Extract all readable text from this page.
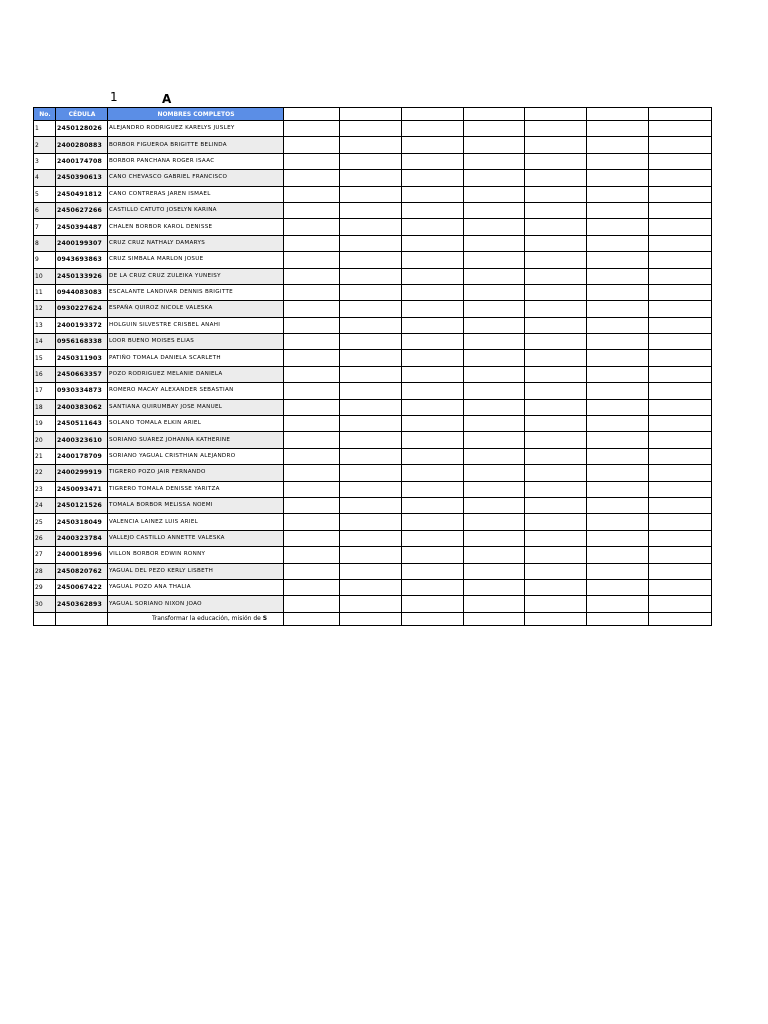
1	A
No.	CÉDULA	NOMBRES COMPLETOS							
1	2450128026	ALEJANDRO RODRIGUEZ KARELYS JUSLEY							
2	2400280883	BORBOR FIGUEROA BRIGITTE BELINDA							
3	2400174708	BORBOR PANCHANA ROGER ISAAC							
4	2450390613	CANO CHEVASCO GABRIEL FRANCISCO							
5	2450491812	CANO CONTRERAS JAREN ISMAEL							
6	2450627266	CASTILLO CATUTO JOSELYN KARINA							
7	2450394487	CHALEN BORBOR KAROL DENISSE							
8	2400199307	CRUZ CRUZ NATHALY DAMARYS							
9	0943693863	CRUZ SIMBALA MARLON JOSUE							
10	2450133926	DE LA CRUZ CRUZ ZULEIKA YUNEISY							
11	0944083083	ESCALANTE LANDIVAR DENNIS BRIGITTE							
12	0930227624	ESPAÑA QUIROZ NICOLE VALESKA							
13	2400193372	HOLGUIN SILVESTRE CRISBEL ANAHI							
14	0956168338	LOOR BUENO MOISES ELIAS							
15	2450311903	PATIÑO TOMALA DANIELA SCARLETH							
16	2450663357	POZO RODRIGUEZ MELANIE DANIELA							
17	0930334873	ROMERO MACAY ALEXANDER SEBASTIAN							
18	2400383062	SANTIANA QUIRUMBAY JOSE MANUEL							
19	2450511643	SOLANO TOMALA ELKIN ARIEL							
20	2400323610	SORIANO SUAREZ JOHANNA KATHERINE							
21	2400178709	SORIANO YAGUAL CRISTHIAN ALEJANDRO							
22	2400299919	TIGRERO POZO JAIR FERNANDO							
23	2450093471	TIGRERO TOMALA DENISSE YARITZA							
24	2450121526	TOMALA BORBOR MELISSA NOEMI							
25	2450318049	VALENCIA LAINEZ LUIS ARIEL							
26	2400323784	VALLEJO CASTILLO ANNETTE VALESKA							
27	2400018996	VILLON BORBOR EDWIN RONNY							
28	2450820762	YAGUAL DEL PEZO KERLY LISBETH							
29	2450067422	YAGUAL POZO ANA THALIA							
30	2450362893	YAGUAL SORIANO NIXON JOAO							

Transformar la educación, misión de S
